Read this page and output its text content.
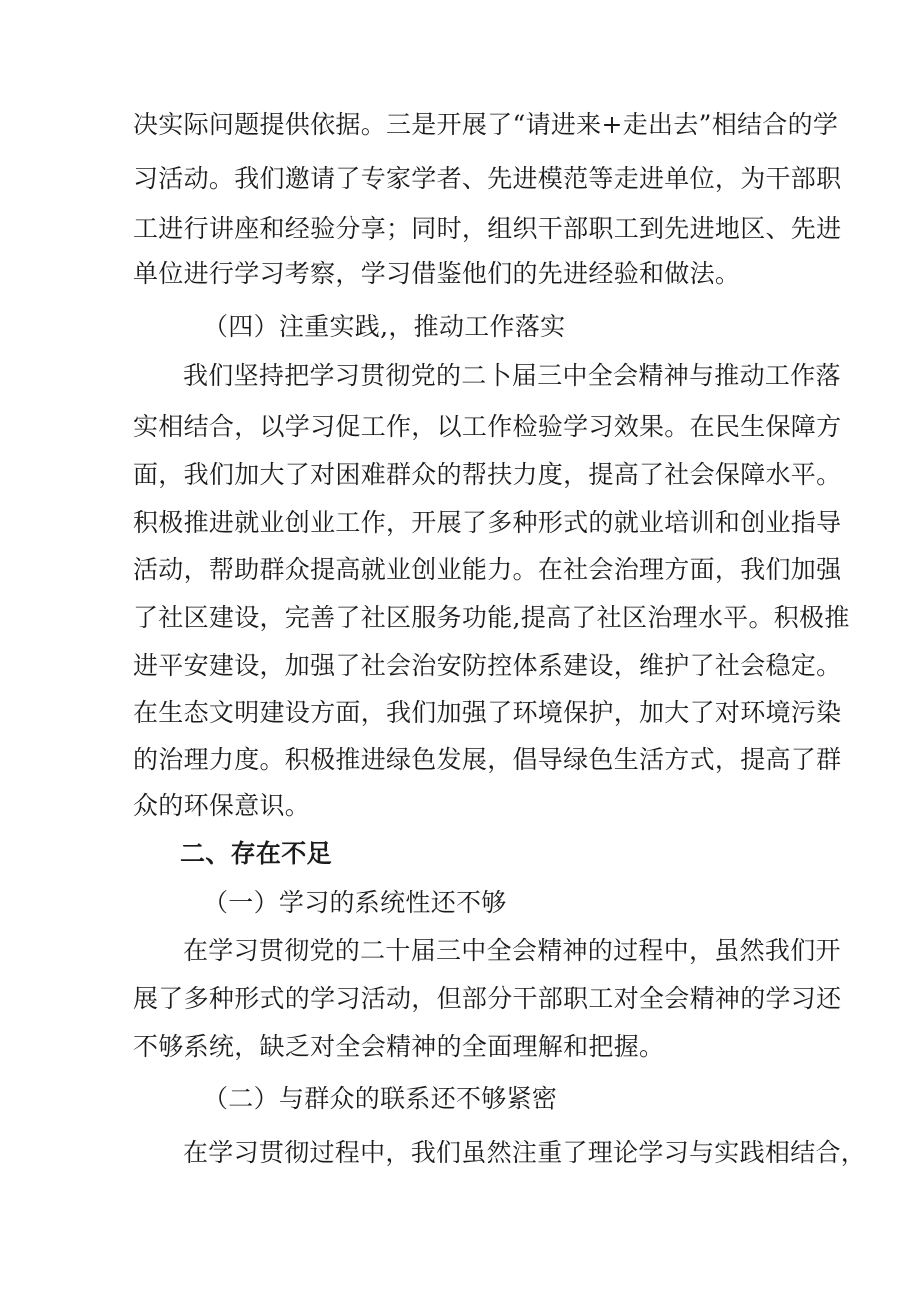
决实际问题提供依据。三是开展了“请进来+走出去”相结合的学
习活动。我们邀请了专家学者、先进模范等走进单位，为干部职
工进行讲座和经验分享；同时，组织干部职工到先进地区、先进
单位进行学习考察，学习借鉴他们的先进经验和做法。
（四）注重实践,，推动工作落实
我们坚持把学习贯彻党的二卜届三中全会精神与推动工作落
实相结合，以学习促工作，以工作检验学习效果。在民生保障方
面，我们加大了对困难群众的帮扶力度，提高了社会保障水平。
积极推进就业创业工作，开展了多种形式的就业培训和创业指导
活动，帮助群众提高就业创业能力。在社会治理方面，我们加强
了社区建设，完善了社区服务功能,提高了社区治理水平。积极推
进平安建设，加强了社会治安防控体系建设，维护了社会稳定。
在生态文明建设方面，我们加强了环境保护，加大了对环境污染
的治理力度。积极推进绿色发展，倡导绿色生活方式，提高了群
众的环保意识。
二、存在不足
（一）学习的系统性还不够
在学习贯彻党的二十届三中全会精神的过程中，虽然我们开
展了多种形式的学习活动，但部分干部职工对全会精神的学习还
不够系统，缺乏对全会精神的全面理解和把握。
（二）与群众的联系还不够紧密
在学习贯彻过程中，我们虽然注重了理论学习与实践相结合，
